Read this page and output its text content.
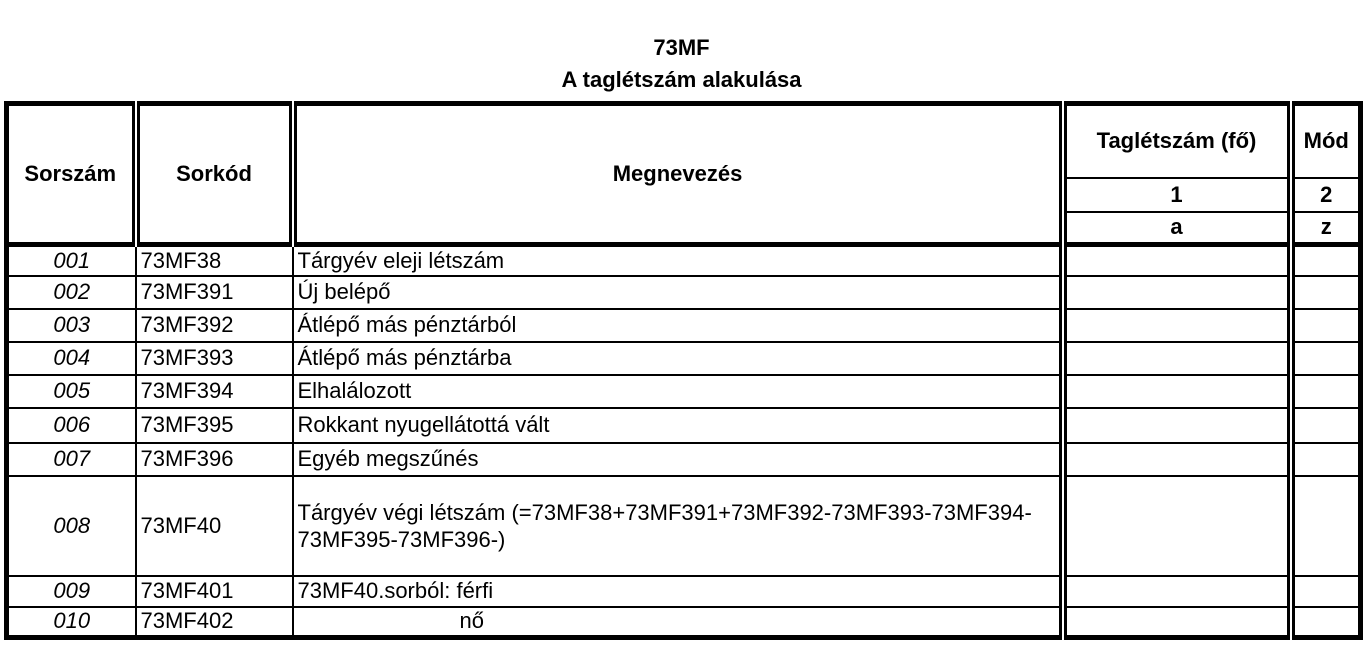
73MF
A taglétszám alakulása
Sorszám	Sorkód	Megnevezés	Taglétszám (fő)	Mód
			1	2
			a	z
001	73MF38	Tárgyév eleji létszám		
002	73MF391	Új belépő		
003	73MF392	Átlépő más pénztárból		
004	73MF393	Átlépő más pénztárba		
005	73MF394	Elhalálozott		
006	73MF395	Rokkant nyugellátottá vált		
007	73MF396	Egyéb megszűnés		
008	73MF40	Tárgyév végi létszám (=73MF38+73MF391+73MF392-73MF393-73MF394-73MF395-73MF396-)		
009	73MF401	73MF40.sorból: férfi		
010	73MF402	nő		
